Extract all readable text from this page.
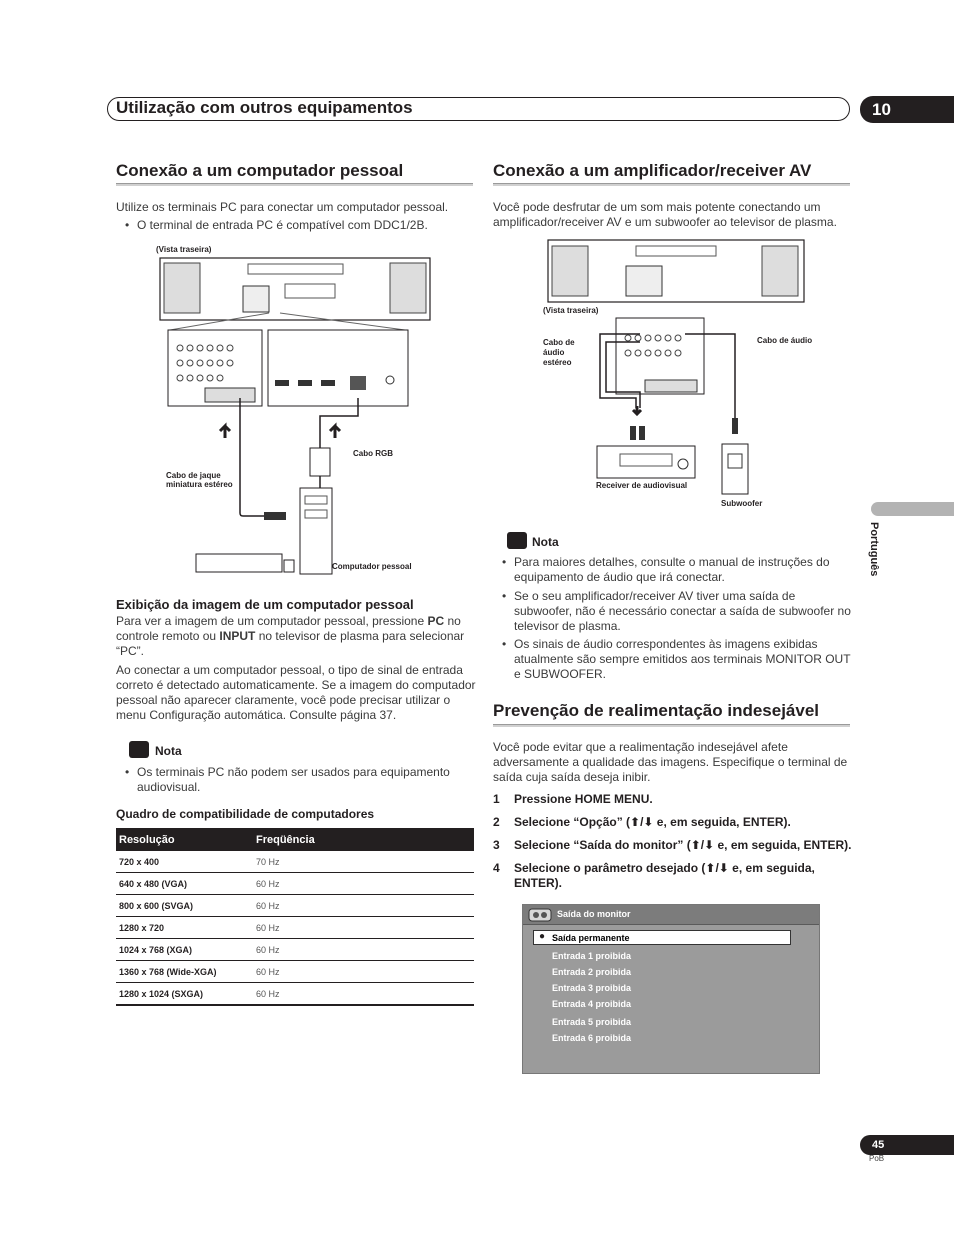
Utilização com outros equipamentos	10
Conexão a um computador pessoal
Utilize os terminais PC para conectar um computador pessoal.
• O terminal de entrada PC é compatível com DDC1/2B.
(Vista traseira)
Cabo RGB
Cabo de jaque
miniatura estéreo
Computador pessoal
Exibição da imagem de um computador pessoal
Para ver a imagem de um computador pessoal, pressione PC no controle remoto ou INPUT no televisor de plasma para selecionar “PC”.
Ao conectar a um computador pessoal, o tipo de sinal de entrada correto é detectado automaticamente. Se a imagem do computador pessoal não aparecer claramente, você pode precisar utilizar o menu Configuração automática. Consulte página 37.
Nota
• Os terminais PC não podem ser usados para equipamento audiovisual.
Quadro de compatibilidade de computadores
Resolução	Freqüência
720 x 400	70 Hz
640 x 480 (VGA)	60 Hz
800 x 600 (SVGA)	60 Hz
1280 x 720	60 Hz
1024 x 768 (XGA)	60 Hz
1360 x 768 (Wide-XGA)	60 Hz
1280 x 1024 (SXGA)	60 Hz
Conexão a um amplificador/receiver AV
Você pode desfrutar de um som mais potente conectando um amplificador/receiver AV e um subwoofer ao televisor de plasma.
(Vista traseira)
Cabo de
áudio
estéreo
Cabo de áudio
Receiver de audiovisual
Subwoofer
Nota
• Para maiores detalhes, consulte o manual de instruções do equipamento de áudio que irá conectar.
• Se o seu amplificador/receiver AV tiver uma saída de subwoofer, não é necessário conectar a saída de subwoofer no televisor de plasma.
• Os sinais de áudio correspondentes às imagens exibidas atualmente são sempre emitidos aos terminais MONITOR OUT e SUBWOOFER.
Prevenção de realimentação indesejável
Você pode evitar que a realimentação indesejável afete adversamente a qualidade das imagens. Especifique o terminal de saída cuja saída deseja inibir.
1 Pressione HOME MENU.
2 Selecione “Opção” (⬆/⬇ e, em seguida, ENTER).
3 Selecione “Saída do monitor” (⬆/⬇ e, em seguida, ENTER).
4 Selecione o parâmetro desejado (⬆/⬇ e, em seguida, ENTER).
Saída do monitor
● Saída permanente
Entrada 1 proibida
Entrada 2 proibida
Entrada 3 proibida
Entrada 4 proibida
Entrada 5 proibida
Entrada 6 proibida
Português
45
PoB
